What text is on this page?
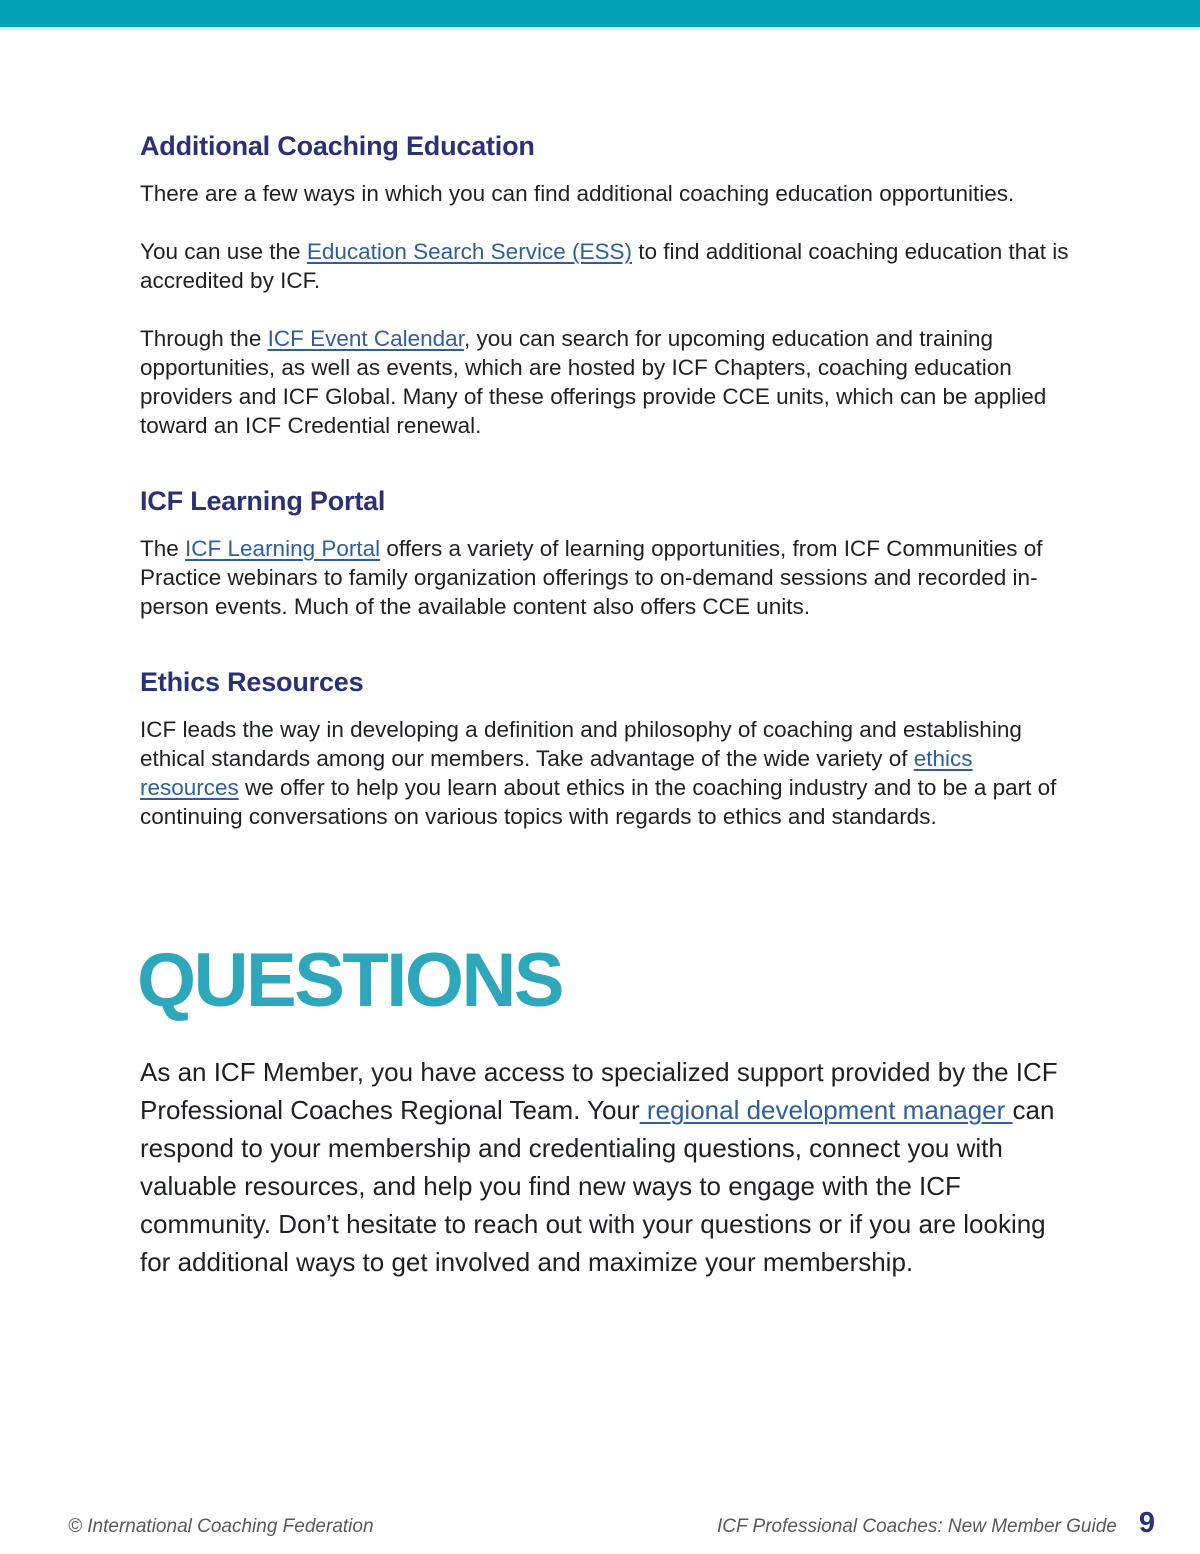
Additional Coaching Education

There are a few ways in which you can find additional coaching education opportunities.

You can use the Education Search Service (ESS) to find additional coaching education that is accredited by ICF.

Through the ICF Event Calendar, you can search for upcoming education and training opportunities, as well as events, which are hosted by ICF Chapters, coaching education providers and ICF Global. Many of these offerings provide CCE units, which can be applied toward an ICF Credential renewal.

ICF Learning Portal

The ICF Learning Portal offers a variety of learning opportunities, from ICF Communities of Practice webinars to family organization offerings to on-demand sessions and recorded in-person events. Much of the available content also offers CCE units.

Ethics Resources

ICF leads the way in developing a definition and philosophy of coaching and establishing ethical standards among our members. Take advantage of the wide variety of ethics resources we offer to help you learn about ethics in the coaching industry and to be a part of continuing conversations on various topics with regards to ethics and standards.

QUESTIONS

As an ICF Member, you have access to specialized support provided by the ICF Professional Coaches Regional Team. Your regional development manager can respond to your membership and credentialing questions, connect you with valuable resources, and help you find new ways to engage with the ICF community. Don’t hesitate to reach out with your questions or if you are looking for additional ways to get involved and maximize your membership.

© International Coaching Federation	ICF Professional Coaches: New Member Guide 9
